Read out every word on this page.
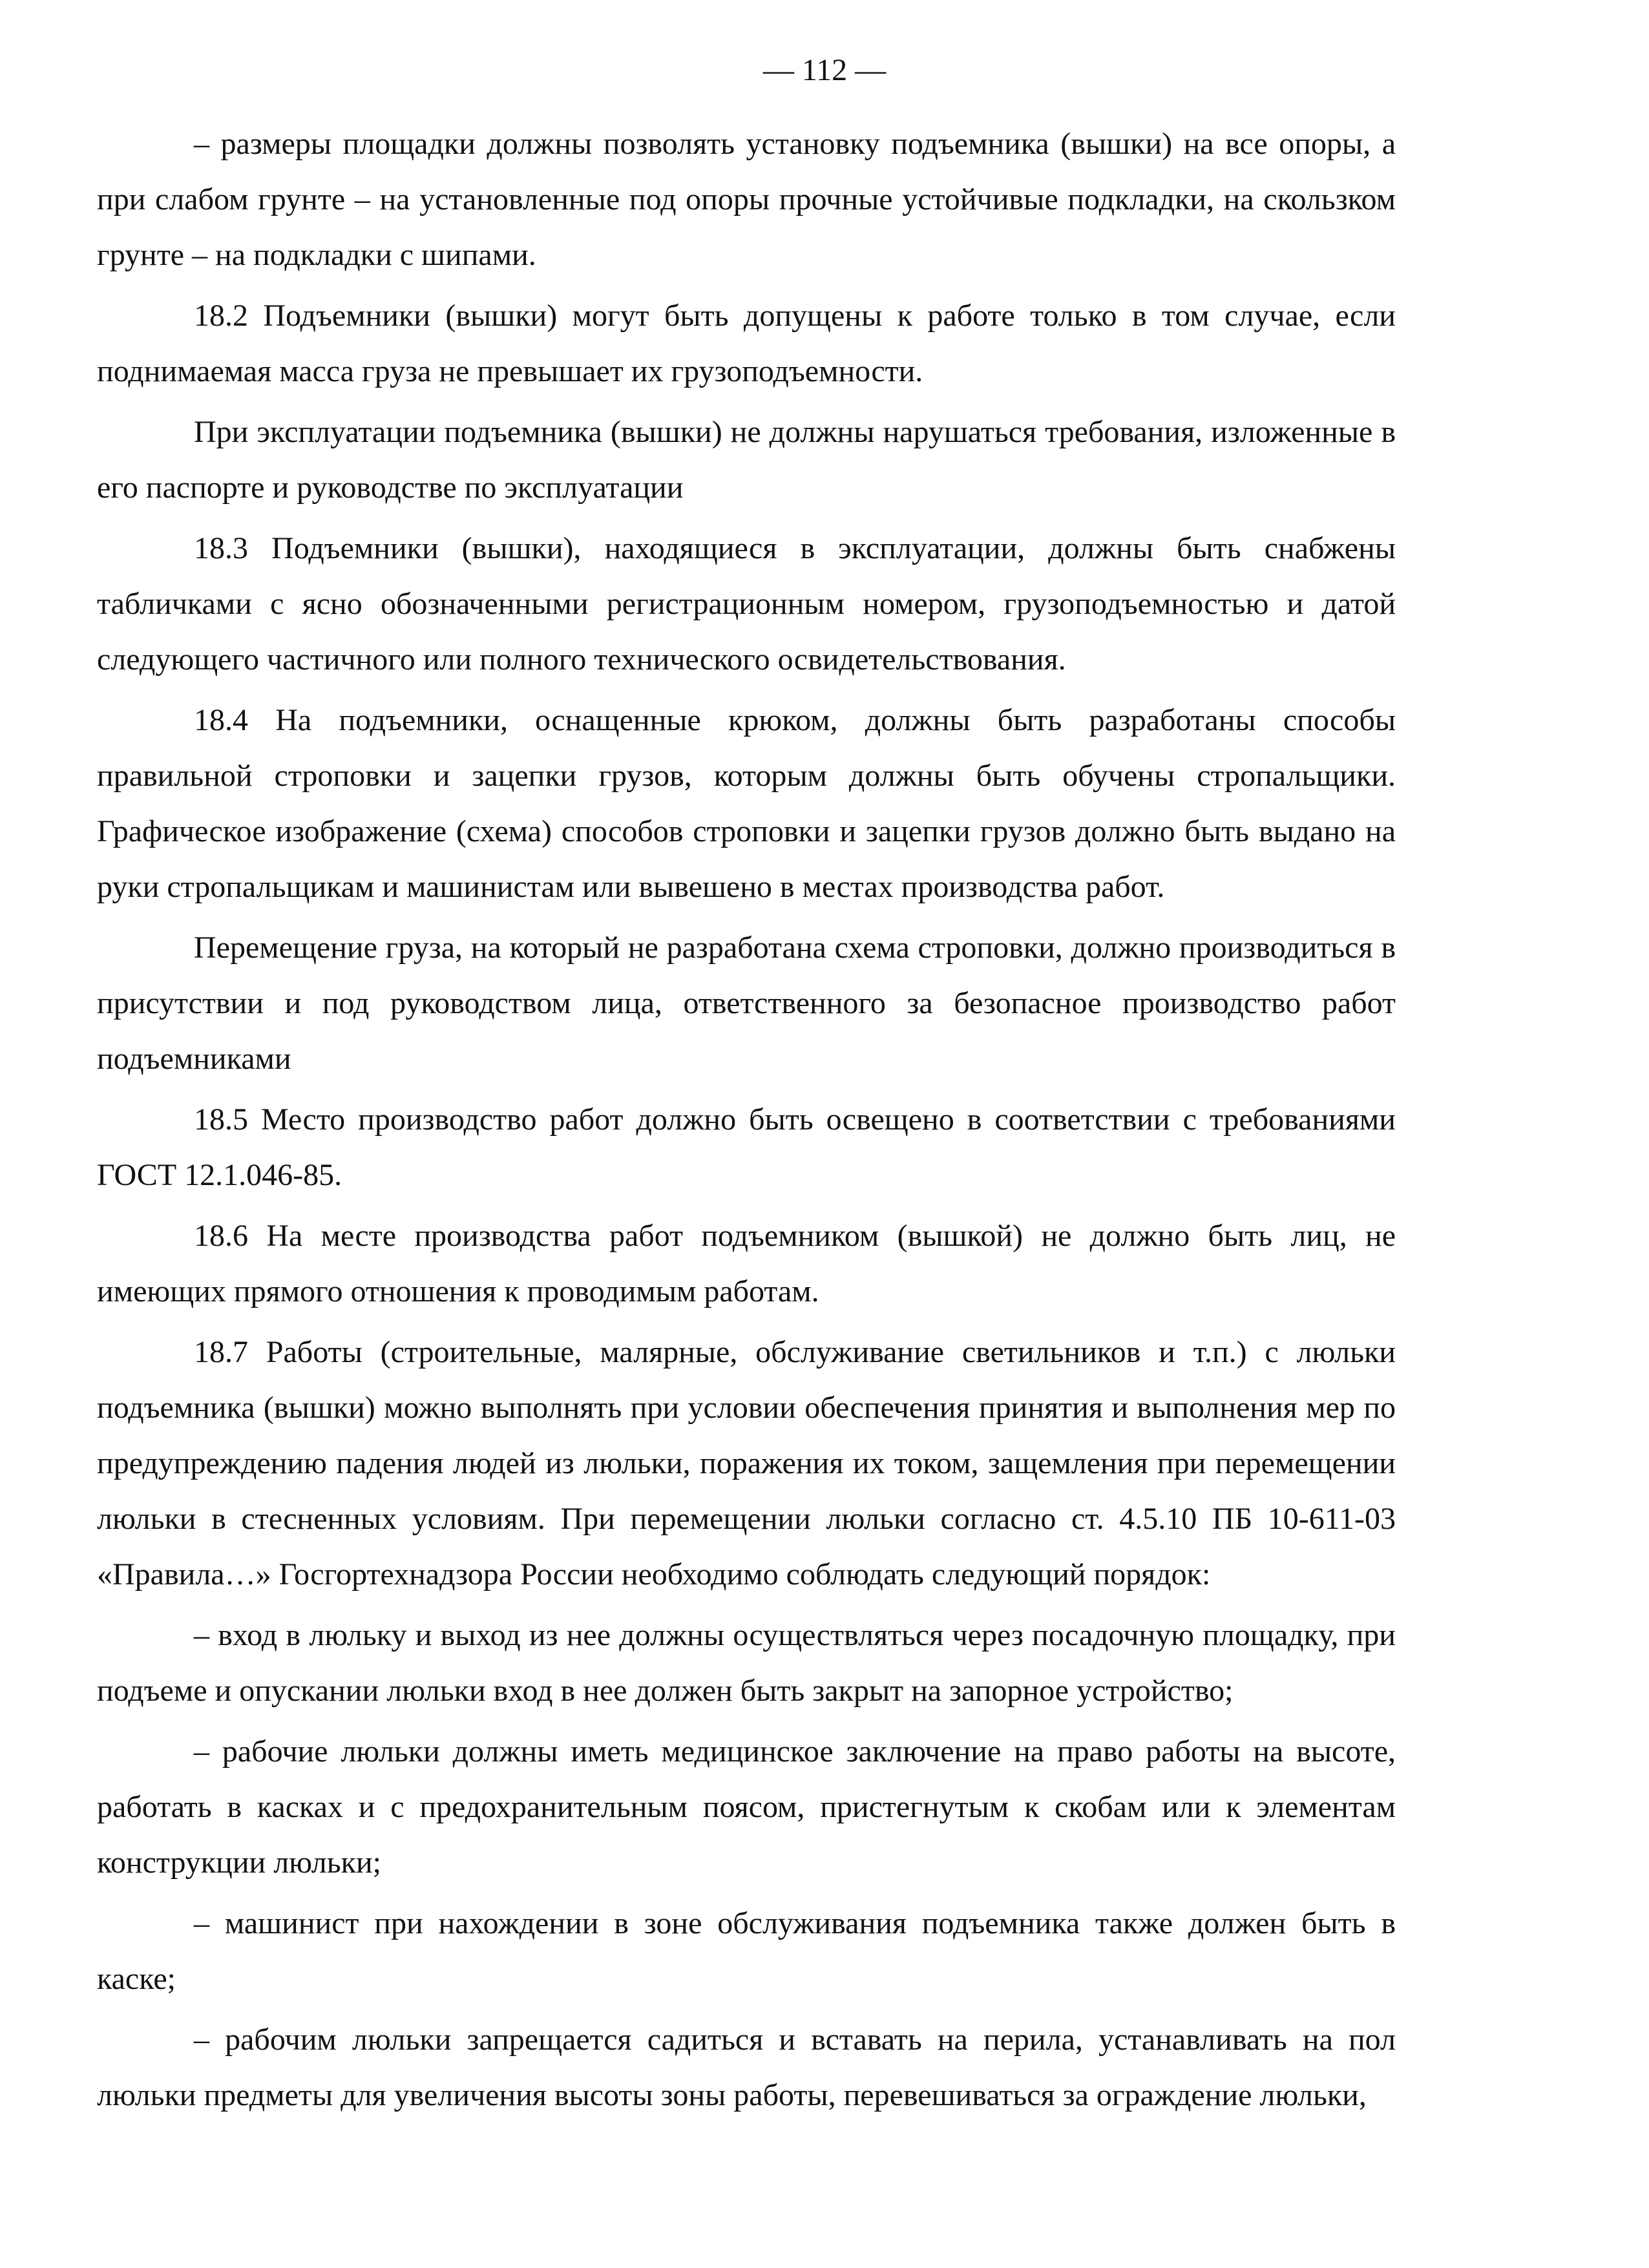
— 112 —

– размеры площадки должны позволять установку подъемника (вышки) на все опоры, а при слабом грунте – на установленные под опоры прочные устойчивые подкладки, на скользком грунте – на подкладки с шипами.

18.2 Подъемники (вышки) могут быть допущены к работе только в том случае, если поднимаемая масса груза не превышает их грузоподъемности.

При эксплуатации подъемника (вышки) не должны нарушаться требования, изложенные в его паспорте и руководстве по эксплуатации

18.3 Подъемники (вышки), находящиеся в эксплуатации, должны быть снабжены табличками с ясно обозначенными регистрационным номером, грузоподъемностью и датой следующего частичного или полного технического освидетельствования.

18.4 На подъемники, оснащенные крюком, должны быть разработаны способы правильной строповки и зацепки грузов, которым должны быть обучены стропальщики. Графическое изображение (схема) способов строповки и зацепки грузов должно быть выдано на руки стропальщикам и машинистам или вывешено в местах производства работ.

Перемещение груза, на который не разработана схема строповки, должно производиться в присутствии и под руководством лица, ответственного за безопасное производство работ подъемниками

18.5 Место производство работ должно быть освещено в соответствии с требованиями ГОСТ 12.1.046-85.

18.6 На месте производства работ подъемником (вышкой) не должно быть лиц, не имеющих прямого отношения к проводимым работам.

18.7 Работы (строительные, малярные, обслуживание светильников и т.п.) с люльки подъемника (вышки) можно выполнять при условии обеспечения принятия и выполнения мер по предупреждению падения людей из люльки, поражения их током, защемления при перемещении люльки в стесненных условиям. При перемещении люльки согласно ст. 4.5.10 ПБ 10-611-03 «Правила…» Госгортехнадзора России необходимо соблюдать следующий порядок:

– вход в люльку и выход из нее должны осуществляться через посадочную площадку, при подъеме и опускании люльки вход в нее должен быть закрыт на запорное устройство;

– рабочие люльки должны иметь медицинское заключение на право работы на высоте, работать в касках и с предохранительным поясом, пристегнутым к скобам или к элементам конструкции люльки;

– машинист при нахождении в зоне обслуживания подъемника также должен быть в каске;

– рабочим люльки запрещается садиться и вставать на перила, устанавливать на пол люльки предметы для увеличения высоты зоны работы, перевешиваться за ограждение люльки,
